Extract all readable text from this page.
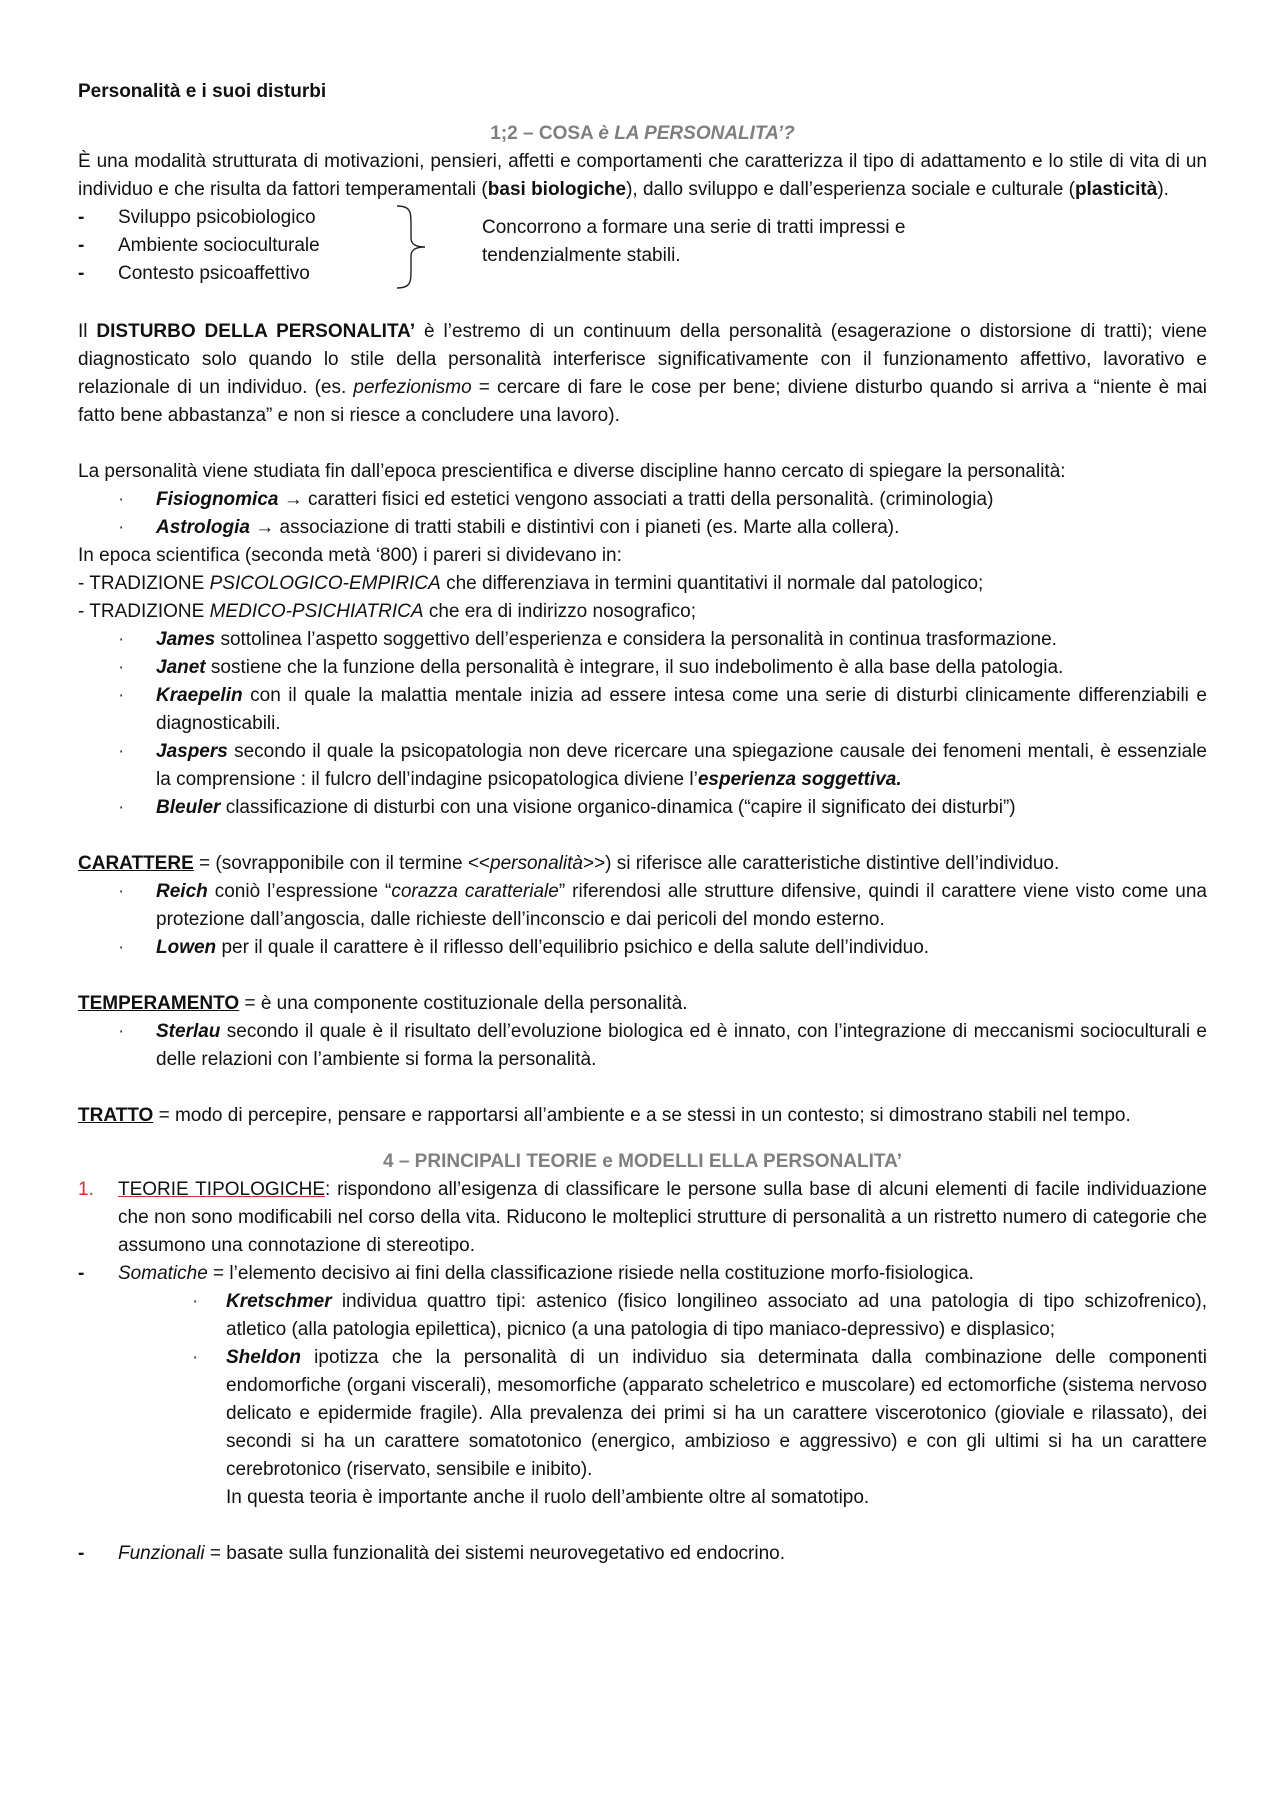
Personalità e i suoi disturbi
1;2 – COSA è LA PERSONALITA’?

È una modalità strutturata di motivazioni, pensieri, affetti e comportamenti che caratterizza il tipo di adattamento e lo stile di vita di un individuo e che risulta da fattori temperamentali (basi biologiche), dallo sviluppo e dall’esperienza sociale e culturale (plasticità).

- Sviluppo psicobiologico
- Ambiente socioculturale
- Contesto psicoaffettivo
Concorrono a formare una serie di tratti impressi e tendenzialmente stabili.

Il DISTURBO DELLA PERSONALITA’ è l’estremo di un continuum della personalità (esagerazione o distorsione di tratti); viene diagnosticato solo quando lo stile della personalità interferisce significativamente con il funzionamento affettivo, lavorativo e relazionale di un individuo. (es. perfezionismo = cercare di fare le cose per bene; diviene disturbo quando si arriva a “niente è mai fatto bene abbastanza” e non si riesce a concludere una lavoro).

La personalità viene studiata fin dall’epoca prescientifica e diverse discipline hanno cercato di spiegare la personalità:

· Fisiognomica → caratteri fisici ed estetici vengono associati a tratti della personalità. (criminologia)
· Astrologia → associazione di tratti stabili e distintivi con i pianeti (es. Marte alla collera).

In epoca scientifica (seconda metà ‘800) i pareri si dividevano in:

- TRADIZIONE PSICOLOGICO-EMPIRICA che differenziava in termini quantitativi il normale dal patologico;

- TRADIZIONE MEDICO-PSICHIATRICA che era di indirizzo nosografico;

· James sottolinea l’aspetto soggettivo dell’esperienza e considera la personalità in continua trasformazione.
· Janet sostiene che la funzione della personalità è integrare, il suo indebolimento è alla base della patologia.
· Kraepelin con il quale la malattia mentale inizia ad essere intesa come una serie di disturbi clinicamente differenziabili e diagnosticabili.
· Jaspers secondo il quale la psicopatologia non deve ricercare una spiegazione causale dei fenomeni mentali, è essenziale la comprensione : il fulcro dell’indagine psicopatologica diviene l’esperienza soggettiva.
· Bleuler classificazione di disturbi con una visione organico-dinamica (“capire il significato dei disturbi”)

CARATTERE = (sovrapponibile con il termine <<personalità>>) si riferisce alle caratteristiche distintive dell’individuo.

· Reich coniò l’espressione “corazza caratteriale” riferendosi alle strutture difensive, quindi il carattere viene visto come una protezione dall’angoscia, dalle richieste dell’inconscio e dai pericoli del mondo esterno.
· Lowen per il quale il carattere è il riflesso dell’equilibrio psichico e della salute dell’individuo.

TEMPERAMENTO = è una componente costituzionale della personalità.

· Sterlau secondo il quale è il risultato dell’evoluzione biologica ed è innato, con l’integrazione di meccanismi socioculturali e delle relazioni con l’ambiente si forma la personalità.

TRATTO = modo di percepire, pensare e rapportarsi all’ambiente e a se stessi in un contesto; si dimostrano stabili nel tempo.

4 – PRINCIPALI TEORIE e MODELLI ELLA PERSONALITA’
1. TEORIE TIPOLOGICHE: rispondono all’esigenza di classificare le persone sulla base di alcuni elementi di facile individuazione che non sono modificabili nel corso della vita. Riducono le molteplici strutture di personalità a un ristretto numero di categorie che assumono una connotazione di stereotipo.
- Somatiche = l’elemento decisivo ai fini della classificazione risiede nella costituzione morfo-fisiologica.
· Kretschmer individua quattro tipi: astenico (fisico longilineo associato ad una patologia di tipo schizofrenico), atletico (alla patologia epilettica), picnico (a una patologia di tipo maniaco-depressivo) e displasico;
· Sheldon ipotizza che la personalità di un individuo sia determinata dalla combinazione delle componenti endomorfiche (organi viscerali), mesomorfiche (apparato scheletrico e muscolare) ed ectomorfiche (sistema nervoso delicato e epidermide fragile). Alla prevalenza dei primi si ha un carattere viscerotonico (gioviale e rilassato), dei secondi si ha un carattere somatotonico (energico, ambizioso e aggressivo) e con gli ultimi si ha un carattere cerebrotonico (riservato, sensibile e inibito).

In questa teoria è importante anche il ruolo dell’ambiente oltre al somatotipo.

- Funzionali = basate sulla funzionalità dei sistemi neurovegetativo ed endocrino.
